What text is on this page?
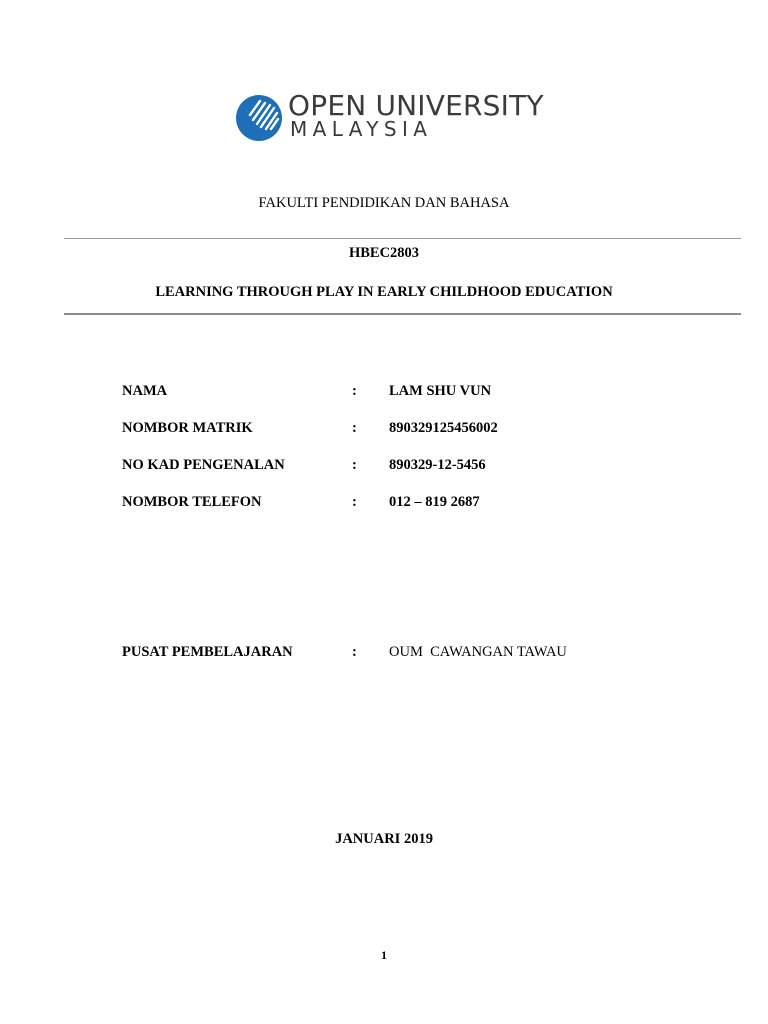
OPEN UNIVERSITY
MALAYSIA
FAKULTI PENDIDIKAN DAN BAHASA
HBEC2803
LEARNING THROUGH PLAY IN EARLY CHILDHOOD EDUCATION
NAMA	: LAM SHU VUN
NOMBOR MATRIK	: 890329125456002
NO KAD PENGENALAN	: 890329-12-5456
NOMBOR TELEFON	: 012 – 819 2687
PUSAT PEMBELAJARAN	: OUM  CAWANGAN TAWAU
JANUARI 2019
1
